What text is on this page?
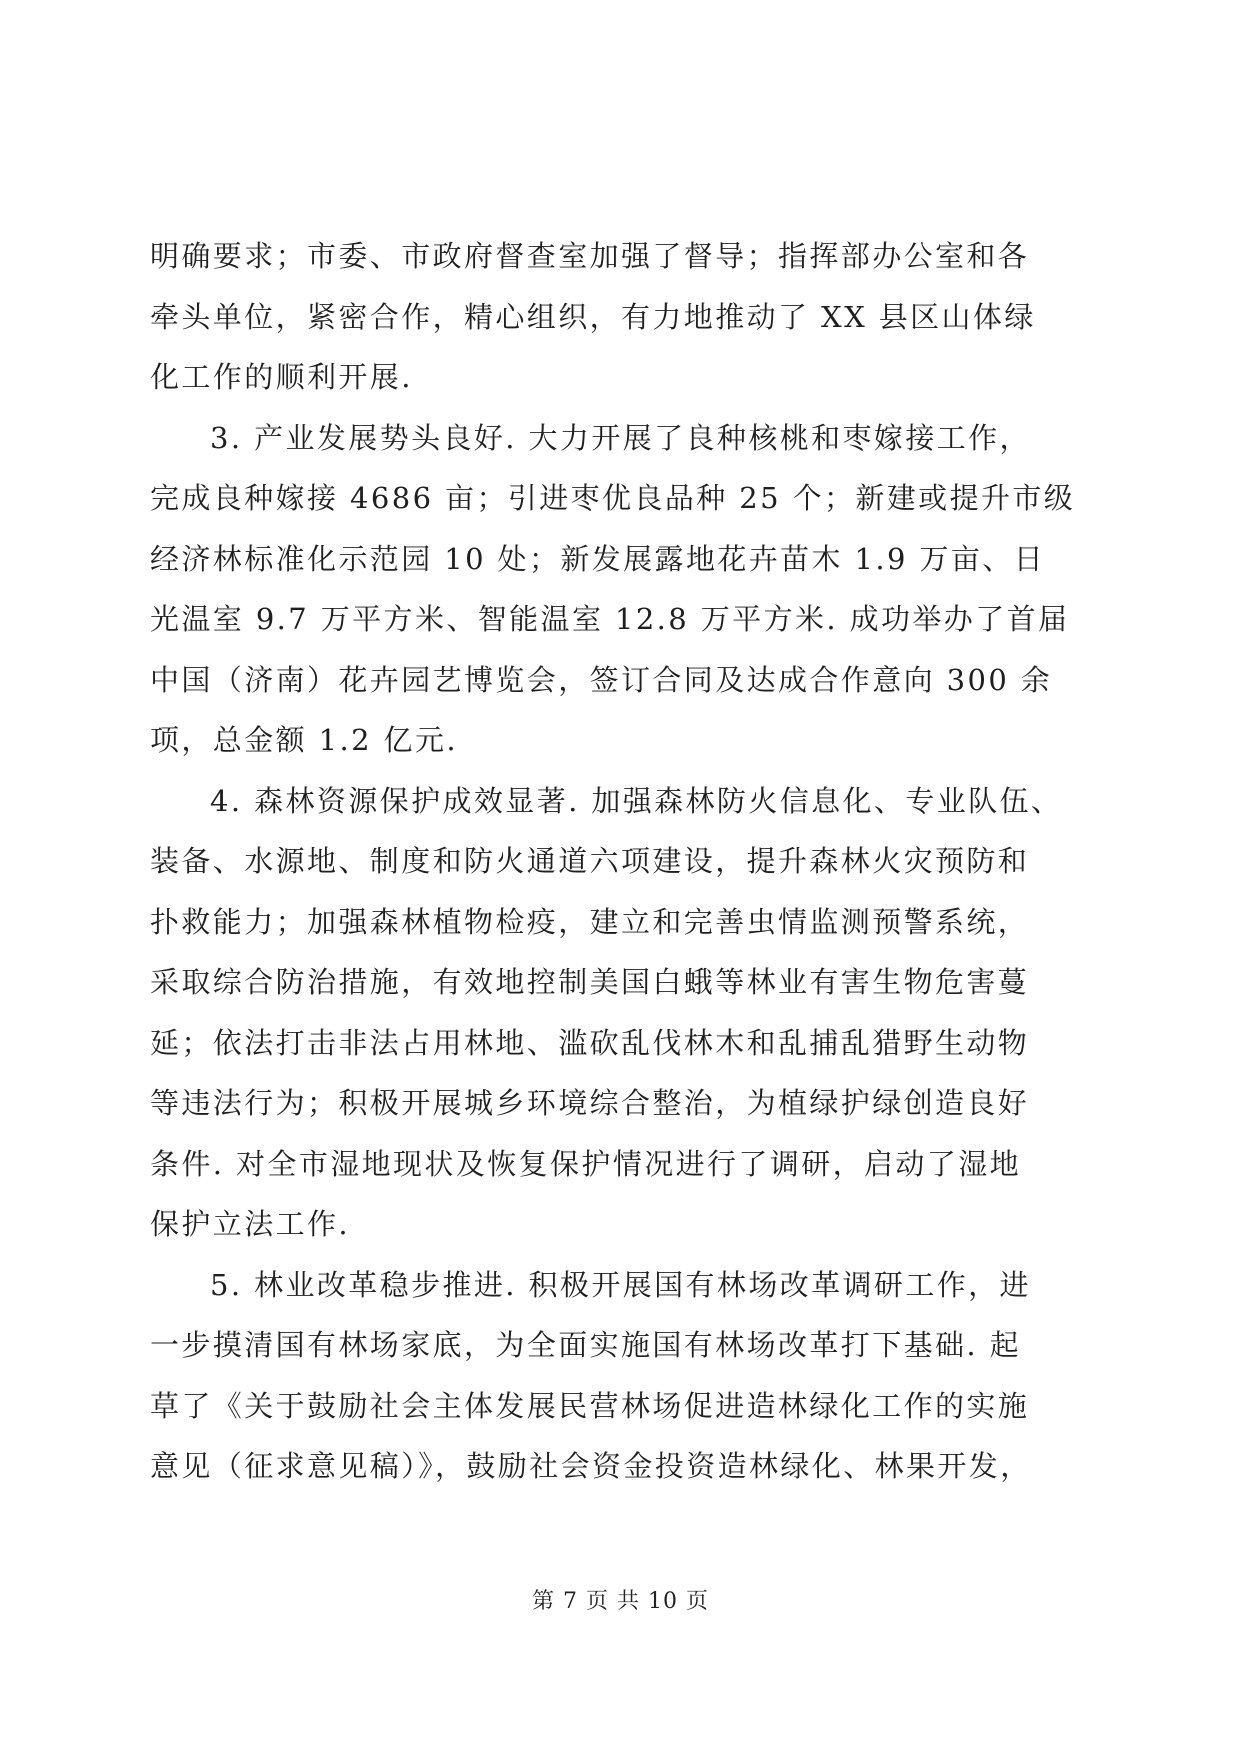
明确要求；市委、市政府督查室加强了督导；指挥部办公室和各
牵头单位，紧密合作，精心组织，有力地推动了 XX 县区山体绿
化工作的顺利开展.
3. 产业发展势头良好. 大力开展了良种核桃和枣嫁接工作，
完成良种嫁接 4686 亩；引进枣优良品种 25 个；新建或提升市级
经济林标准化示范园 10 处；新发展露地花卉苗木 1.9 万亩、日
光温室 9.7 万平方米、智能温室 12.8 万平方米. 成功举办了首届
中国（济南）花卉园艺博览会，签订合同及达成合作意向 300 余
项，总金额 1.2 亿元.
4. 森林资源保护成效显著. 加强森林防火信息化、专业队伍、
装备、水源地、制度和防火通道六项建设，提升森林火灾预防和
扑救能力；加强森林植物检疫，建立和完善虫情监测预警系统，
采取综合防治措施，有效地控制美国白蛾等林业有害生物危害蔓
延；依法打击非法占用林地、滥砍乱伐林木和乱捕乱猎野生动物
等违法行为；积极开展城乡环境综合整治，为植绿护绿创造良好
条件. 对全市湿地现状及恢复保护情况进行了调研，启动了湿地
保护立法工作.
5. 林业改革稳步推进. 积极开展国有林场改革调研工作，进
一步摸清国有林场家底，为全面实施国有林场改革打下基础. 起
草了《关于鼓励社会主体发展民营林场促进造林绿化工作的实施
意见（征求意见稿）》，鼓励社会资金投资造林绿化、林果开发，
第 7 页 共 10 页
